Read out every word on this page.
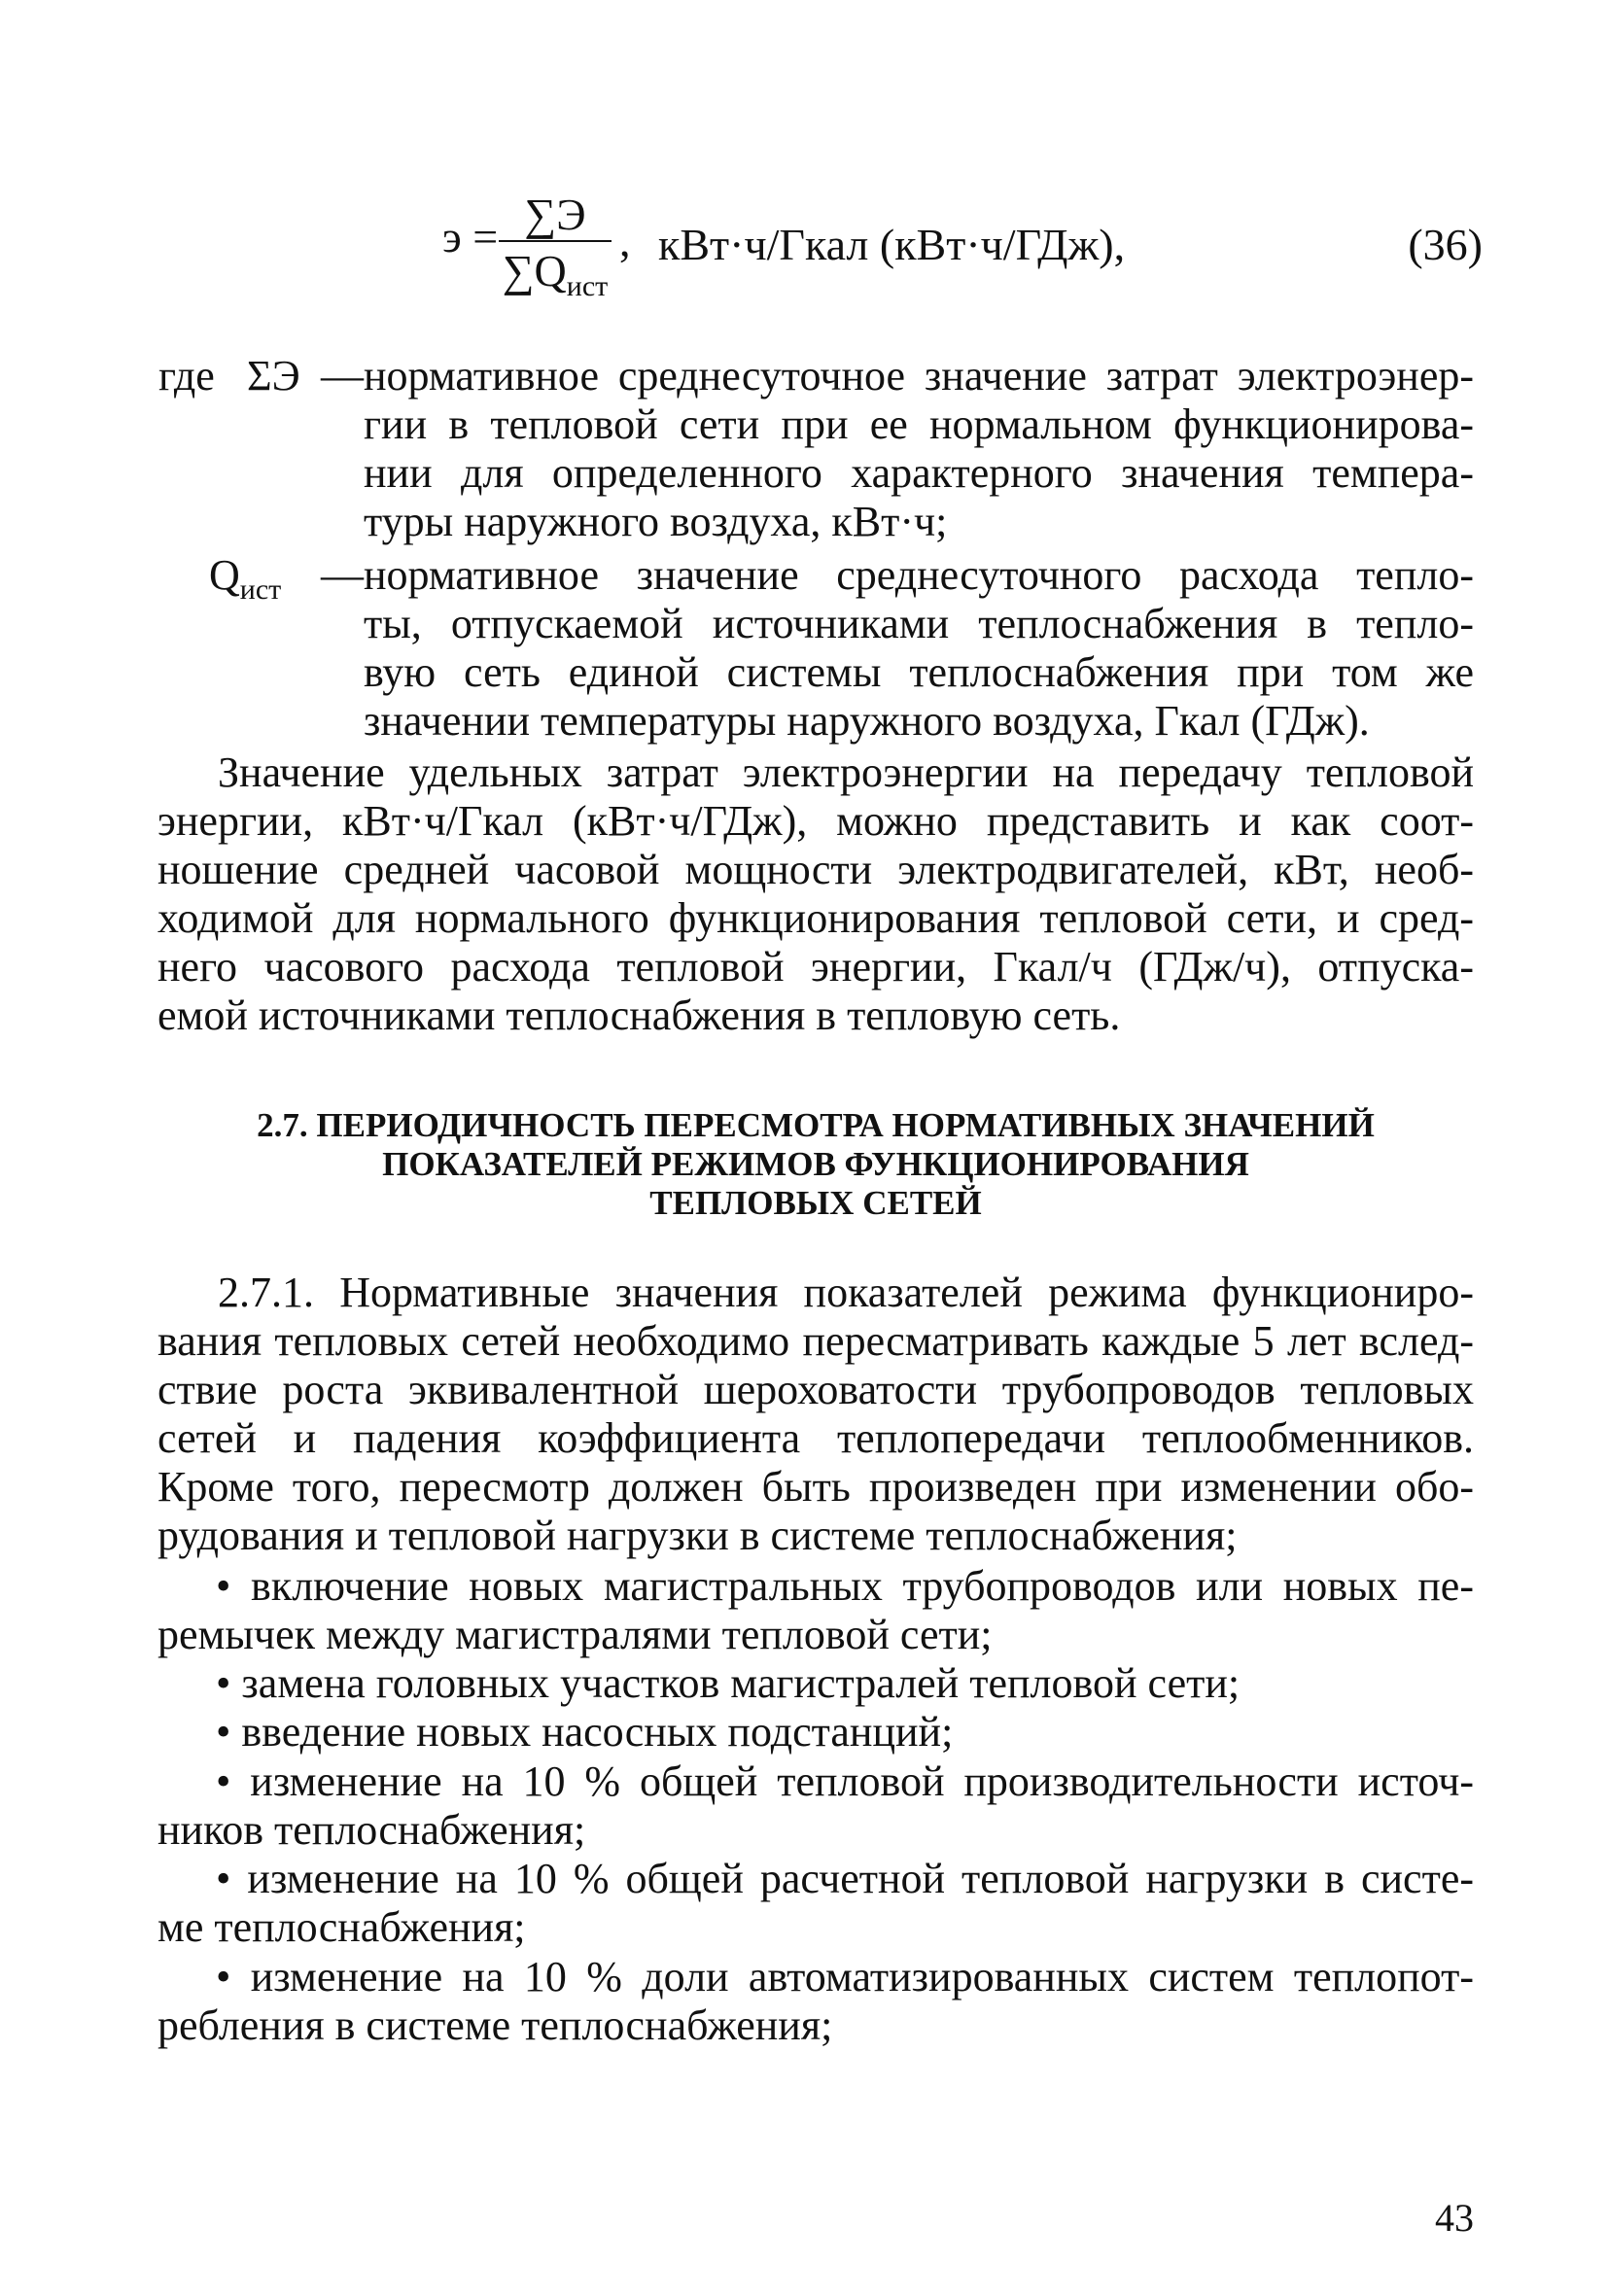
э = ∑Э
$\sum Q_{ист}$
, кВт·ч/Гкал (кВт·ч/ГДж),	(36)
где ΣЭ — нормативное среднесуточное значение затрат электроэнер-
гии в тепловой сети при ее нормальном функционирова-
нии для определенного характерного значения темпера-
туры наружного воздуха, кВт·ч;
$Q_{ист}$ — нормативное значение среднесуточного расхода тепло-
ты, отпускаемой источниками теплоснабжения в тепло-
вую сеть единой системы теплоснабжения при том же
значении температуры наружного воздуха, Гкал (ГДж).
Значение удельных затрат электроэнергии на передачу тепловой
энергии, кВт·ч/Гкал (кВт·ч/ГДж), можно представить и как соот-
ношение средней часовой мощности электродвигателей, кВт, необ-
ходимой для нормального функционирования тепловой сети, и сред-
него часового расхода тепловой энергии, Гкал/ч (ГДж/ч), отпуска-
емой источниками теплоснабжения в тепловую сеть.
2.7. ПЕРИОДИЧНОСТЬ ПЕРЕСМОТРА НОРМАТИВНЫХ ЗНАЧЕНИЙ
ПОКАЗАТЕЛЕЙ РЕЖИМОВ ФУНКЦИОНИРОВАНИЯ
ТЕПЛОВЫХ СЕТЕЙ
2.7.1. Нормативные значения показателей режима функциониро-
вания тепловых сетей необходимо пересматривать каждые 5 лет вслед-
ствие роста эквивалентной шероховатости трубопроводов тепловых
сетей и падения коэффициента теплопередачи теплообменников.
Кроме того, пересмотр должен быть произведен при изменении обо-
рудования и тепловой нагрузки в системе теплоснабжения;
• включение новых магистральных трубопроводов или новых пе-
ремычек между магистралями тепловой сети;
• замена головных участков магистралей тепловой сети;
• введение новых насосных подстанций;
• изменение на 10 % общей тепловой производительности источ-
ников теплоснабжения;
• изменение на 10 % общей расчетной тепловой нагрузки в систе-
ме теплоснабжения;
• изменение на 10 % доли автоматизированных систем теплопот-
ребления в системе теплоснабжения;
43
